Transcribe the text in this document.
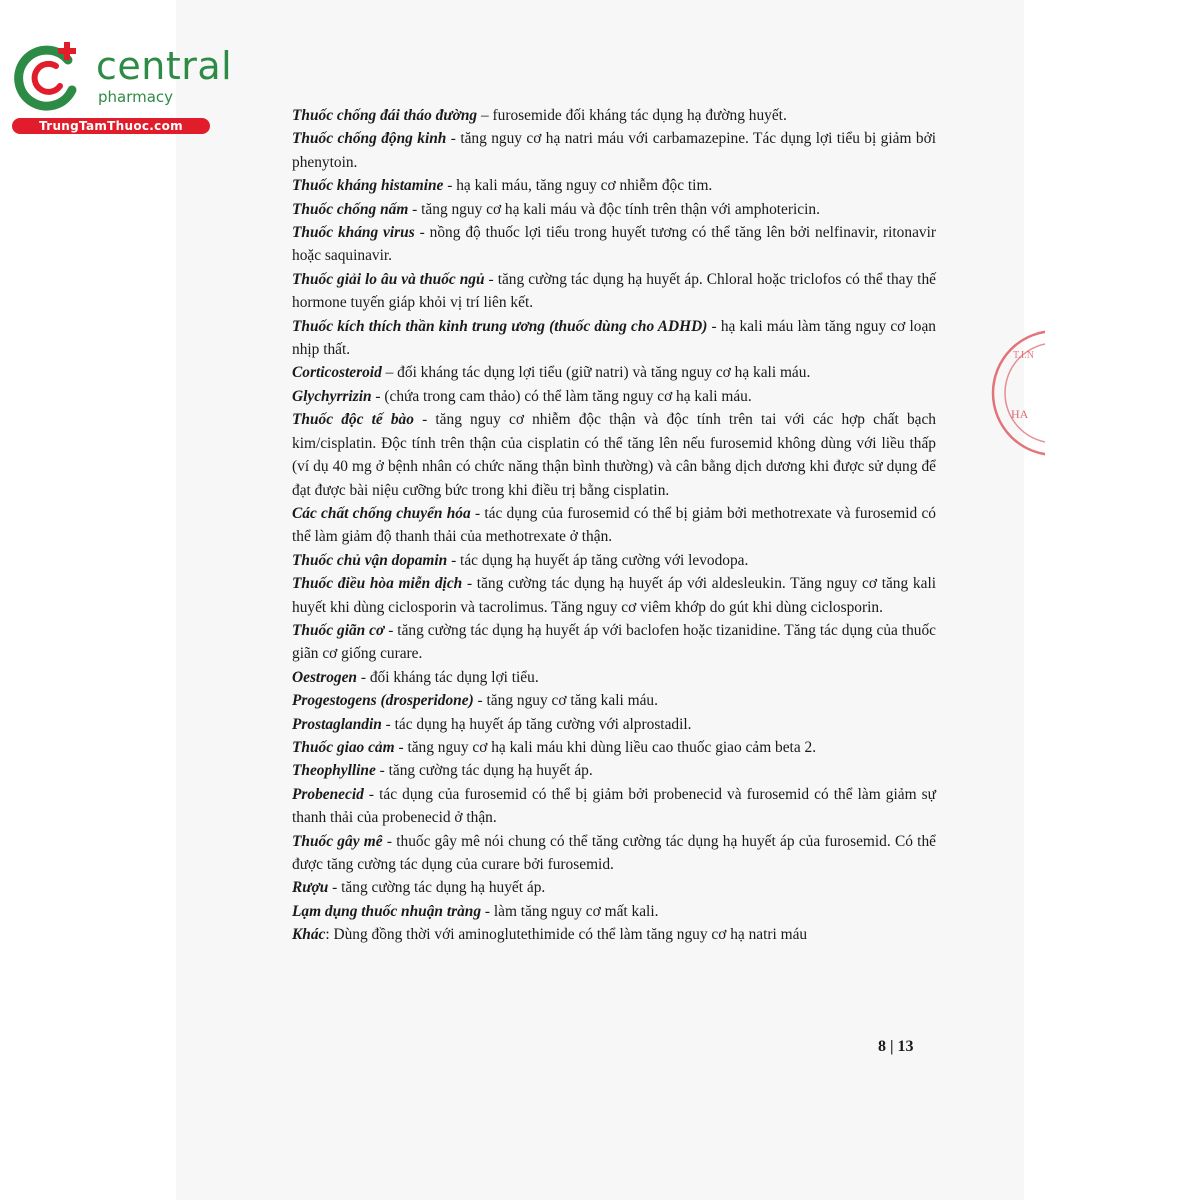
central
pharmacy
TrungTamThuoc.com
HA
T.I.N

Thuốc chống đái tháo đường – furosemide đối kháng tác dụng hạ đường huyết.

Thuốc chống động kinh - tăng nguy cơ hạ natri máu với carbamazepine. Tác dụng lợi tiểu bị giảm bởi phenytoin.

Thuốc kháng histamine - hạ kali máu, tăng nguy cơ nhiễm độc tim.

Thuốc chống nấm - tăng nguy cơ hạ kali máu và độc tính trên thận với amphotericin.

Thuốc kháng virus - nồng độ thuốc lợi tiểu trong huyết tương có thể tăng lên bởi nelfinavir, ritonavir hoặc saquinavir.

Thuốc giải lo âu và thuốc ngủ - tăng cường tác dụng hạ huyết áp. Chloral hoặc triclofos có thể thay thế hormone tuyến giáp khỏi vị trí liên kết.

Thuốc kích thích thần kinh trung ương (thuốc dùng cho ADHD) - hạ kali máu làm tăng nguy cơ loạn nhịp thất.

Corticosteroid – đối kháng tác dụng lợi tiểu (giữ natri) và tăng nguy cơ hạ kali máu.

Glychyrrizin - (chứa trong cam thảo) có thể làm tăng nguy cơ hạ kali máu.

Thuốc độc tế bào - tăng nguy cơ nhiễm độc thận và độc tính trên tai với các hợp chất bạch kim/cisplatin. Độc tính trên thận của cisplatin có thể tăng lên nếu furosemid không dùng với liều thấp (ví dụ 40 mg ở bệnh nhân có chức năng thận bình thường) và cân bằng dịch dương khi được sử dụng để đạt được bài niệu cưỡng bức trong khi điều trị bằng cisplatin.

Các chất chống chuyển hóa - tác dụng của furosemid có thể bị giảm bởi methotrexate và furosemid có thể làm giảm độ thanh thải của methotrexate ở thận.

Thuốc chủ vận dopamin - tác dụng hạ huyết áp tăng cường với levodopa.

Thuốc điều hòa miễn dịch - tăng cường tác dụng hạ huyết áp với aldesleukin. Tăng nguy cơ tăng kali huyết khi dùng ciclosporin và tacrolimus. Tăng nguy cơ viêm khớp do gút khi dùng ciclosporin.

Thuốc giãn cơ - tăng cường tác dụng hạ huyết áp với baclofen hoặc tizanidine. Tăng tác dụng của thuốc giãn cơ giống curare.

Oestrogen - đối kháng tác dụng lợi tiểu.

Progestogens (drosperidone) - tăng nguy cơ tăng kali máu.

Prostaglandin - tác dụng hạ huyết áp tăng cường với alprostadil.

Thuốc giao cảm - tăng nguy cơ hạ kali máu khi dùng liều cao thuốc giao cảm beta 2.

Theophylline - tăng cường tác dụng hạ huyết áp.

Probenecid - tác dụng của furosemid có thể bị giảm bởi probenecid và furosemid có thể làm giảm sự thanh thải của probenecid ở thận.

Thuốc gây mê - thuốc gây mê nói chung có thể tăng cường tác dụng hạ huyết áp của furosemid. Có thể được tăng cường tác dụng của curare bởi furosemid.

Rượu - tăng cường tác dụng hạ huyết áp.

Lạm dụng thuốc nhuận tràng - làm tăng nguy cơ mất kali.

Khác: Dùng đồng thời với aminoglutethimide có thể làm tăng nguy cơ hạ natri máu

8 | 13
